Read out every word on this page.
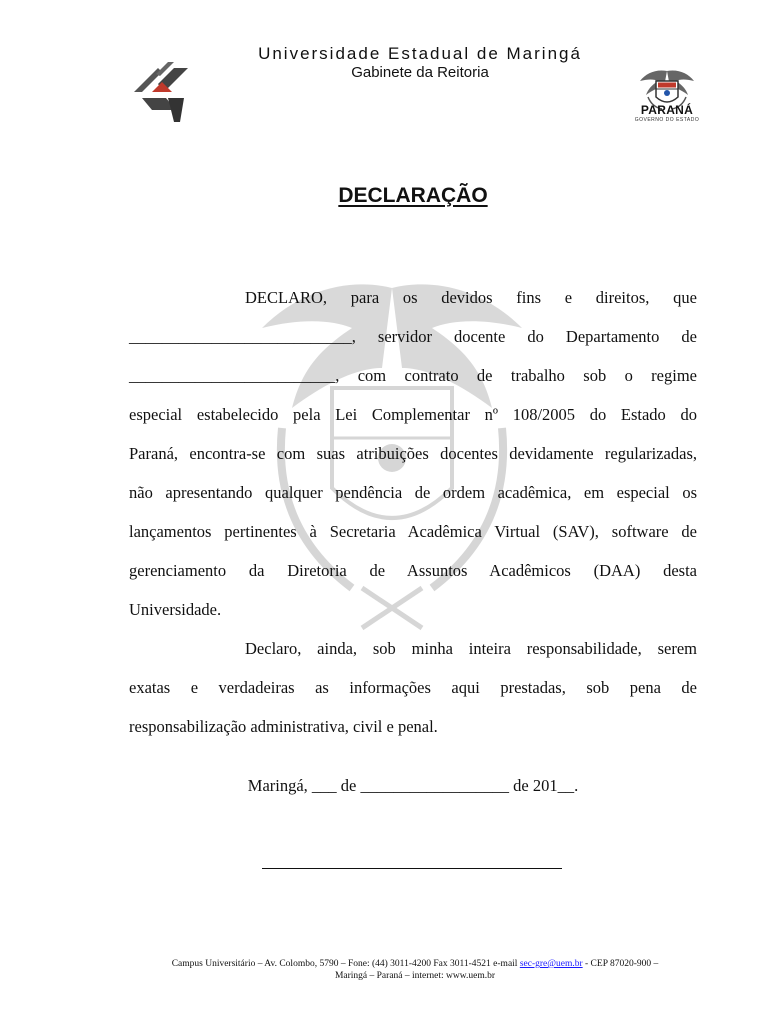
Universidade Estadual de Maringá
Gabinete da Reitoria
PARANÁ
GOVERNO DO ESTADO
DECLARAÇÃO
DECLARO, para os devidos fins e direitos, que
___________________________, servidor docente do Departamento de
_________________________, com contrato de trabalho sob o regime
especial estabelecido pela Lei Complementar nº 108/2005 do Estado do
Paraná, encontra-se com suas atribuições docentes devidamente regularizadas,
não apresentando qualquer pendência de ordem acadêmica, em especial os
lançamentos pertinentes à Secretaria Acadêmica Virtual (SAV), software de
gerenciamento da Diretoria de Assuntos Acadêmicos (DAA) desta
Universidade.
Declaro, ainda, sob minha inteira responsabilidade, serem
exatas e verdadeiras as informações aqui prestadas, sob pena de
responsabilização administrativa, civil e penal.
Maringá, ___ de __________________ de 201__.
Campus Universitário – Av. Colombo, 5790 – Fone: (44) 3011-4200 Fax 3011-4521 e-mail sec-gre@uem.br - CEP 87020-900 –
Maringá – Paraná – internet: www.uem.br
